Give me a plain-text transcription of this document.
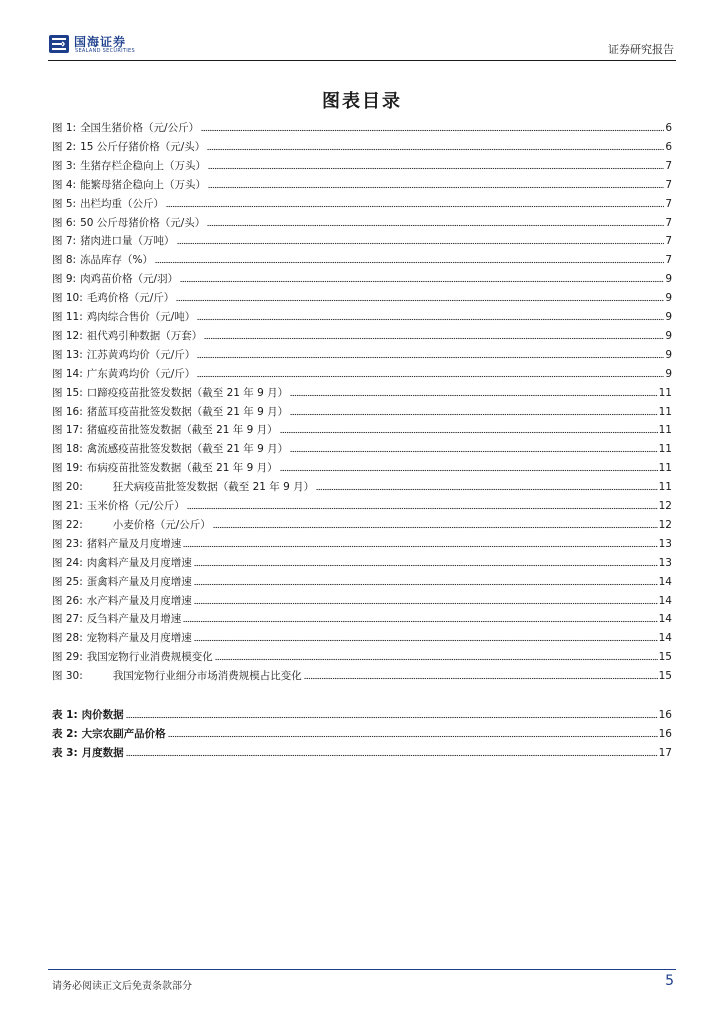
国海证券
SEALAND SECURITIES	证券研究报告
图表目录
图 1: 全国生猪价格（元/公斤）	6
图 2: 15 公斤仔猪价格（元/头）	6
图 3: 生猪存栏企稳向上（万头）	7
图 4: 能繁母猪企稳向上（万头）	7
图 5: 出栏均重（公斤）	7
图 6: 50 公斤母猪价格（元/头）	7
图 7: 猪肉进口量（万吨）	7
图 8: 冻品库存（%）	7
图 9: 肉鸡苗价格（元/羽）	9
图 10: 毛鸡价格（元/斤）	9
图 11: 鸡肉综合售价（元/吨）	9
图 12: 祖代鸡引种数据（万套）	9
图 13: 江苏黄鸡均价（元/斤）	9
图 14: 广东黄鸡均价（元/斤）	9
图 15: 口蹄疫疫苗批签发数据（截至 21 年 9 月）	11
图 16: 猪蓝耳疫苗批签发数据（截至 21 年 9 月）	11
图 17: 猪瘟疫苗批签发数据（截至 21 年 9 月）	11
图 18: 禽流感疫苗批签发数据（截至 21 年 9 月）	11
图 19: 布病疫苗批签发数据（截至 21 年 9 月）	11
图 20:	狂犬病疫苗批签发数据（截至 21 年 9 月）	11
图 21: 玉米价格（元/公斤）	12
图 22:	小麦价格（元/公斤）	12
图 23: 猪料产量及月度增速	13
图 24: 肉禽料产量及月度增速	13
图 25: 蛋禽料产量及月度增速	14
图 26: 水产料产量及月度增速	14
图 27: 反刍料产量及月增速	14
图 28: 宠物料产量及月度增速	14
图 29: 我国宠物行业消费规模变化	15
图 30:	我国宠物行业细分市场消费规模占比变化	15
表 1: 肉价数据	16
表 2: 大宗农副产品价格	16
表 3: 月度数据	17
请务必阅读正文后免责条款部分	5
